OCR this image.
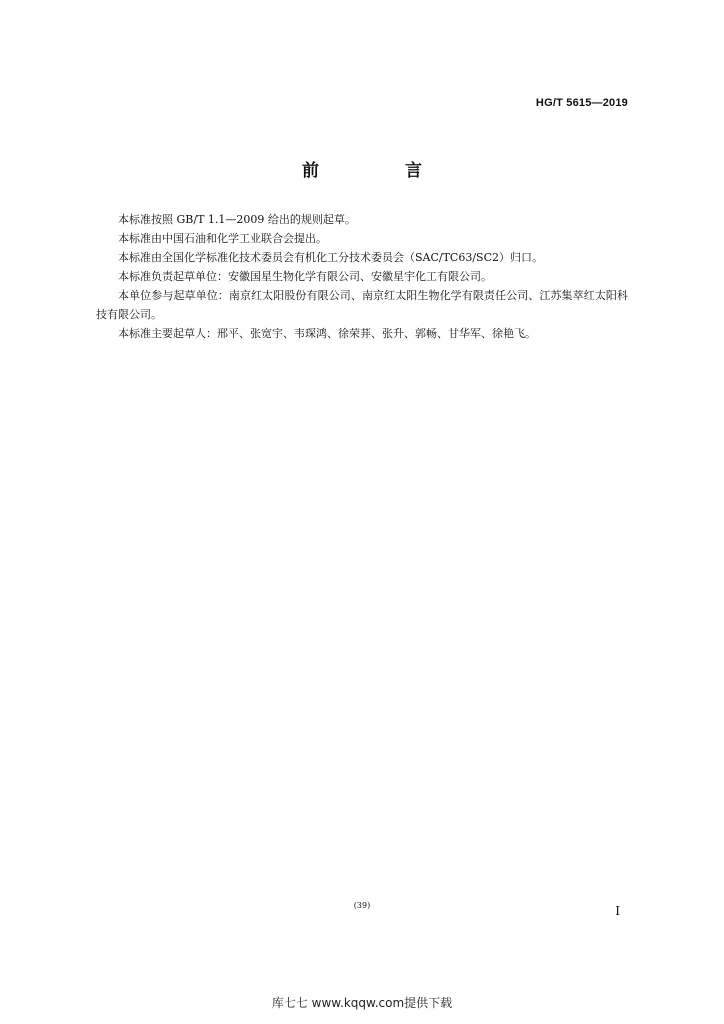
HG/T 5615—2019
前 言

本标准按照 GB/T 1.1—2009 给出的规则起草。

本标准由中国石油和化学工业联合会提出。

本标准由全国化学标准化技术委员会有机化工分技术委员会（SAC/TC63/SC2）归口。

本标准负责起草单位：安徽国星生物化学有限公司、安徽星宇化工有限公司。

本单位参与起草单位：南京红太阳股份有限公司、南京红太阳生物化学有限责任公司、江苏集萃红太阳科技有限公司。

本标准主要起草人：邢平、张宽宇、韦琛鸿、徐荣荓、张升、郭畅、甘华军、徐艳飞。

(39)	I
库七七 www.kqqw.com提供下载
